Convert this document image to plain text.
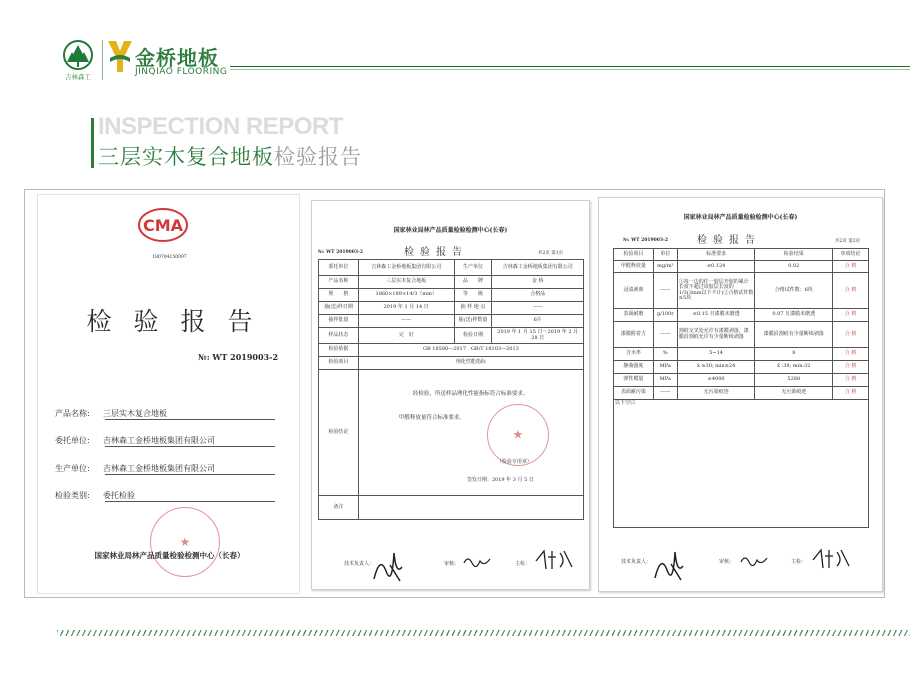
吉林森工
金桥地板
JINQIAO FLOORING
INSPECTION REPORT
三层实木复合地板检验报告
CMA
180704150097
检验报告
№: WT 2019003-2
产品名称: 三层实木复合地板
委托单位: 吉林森工金桥地板集团有限公司
生产单位: 吉林森工金桥地板集团有限公司
检验类别: 委托检验
★
国家林业局林产品质量检验检测中心（长春）
国家林业局林产品质量检验检测中心(长春)
№: WT 2019003-2	检验报告	共2页 第1页
委托单位	吉林森工金桥地板集团有限公司	生产单位	吉林森工金桥地板集团有限公司
产品名称	三层实木复合地板	品　　牌	金 桥
规　　格	1860×189×14/3（mm）	等　　级	合格品
抽(送)样日期	2019 年 1 月 14 日	抽 样 地 点	——
抽样批量	——	抽(送)样数量	6片
样品状态	完　好	检验日期	2019 年 1 月 15 日～2019 年 2 月 28 日
检验依据	GB 18580—2017　GB/T 18103—2013		
检验项目	理化性能指标		
检验结论	经检验，所送样品理化性能指标符合标准要求。
甲醛释放量符合标准要求。
★
（检验专用章）
签发日期：2019 年 3 月 5 日		

备注			
技术负责人：	审核：	主检：
国家林业局林产品质量检验检测中心(长春)
№: WT 2019003-2	检验报告	共2页 第2页
检验项目	单位	标准要求	检验结果	单项结论
甲醛释放量	mg/m³	≤0.124	0.02	合 格
浸渍剥离	——	①每一边的任一胶层开胶的累计长度不超过该胶层长度的1/3(3mm以下不计)②合格试件数≥5块	合格试件数：6块	合 格
表面耐磨	g/100r	≤0.15 且漆膜未磨透	0.07 且漆膜未磨透	合 格
漆膜附着力	——	割痕交叉处允许有漆膜剥落，漆膜沿割痕允许有少量断续剥落	漆膜沿割痕有少量断续剥落	合 格
含水率	%	5~14	8	合 格
静曲强度	MPa	x̄ ≥30; min≥24	x̄ :38; min:32	合 格
弹性模量	MPa	≥4000	5288	合 格
表面耐污染	——	无污染痕迹	无污染痕迹	合 格
以下空白				
技术负责人：	审核：	主检：
